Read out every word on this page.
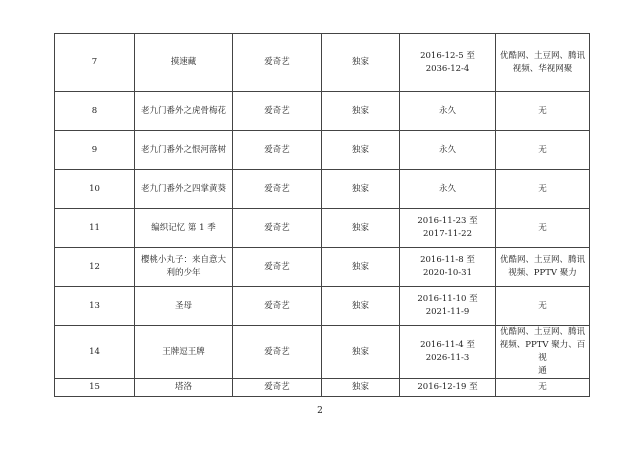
7	摸速藏	爱奇艺	独家	2016-12-5 至
2036-12-4	优酷网、土豆网、腾讯
视频、华视网聚
8	老九门番外之虎骨梅花	爱奇艺	独家	永久	无
9	老九门番外之恨河落树	爱奇艺	独家	永久	无
10	老九门番外之四掌黄葵	爱奇艺	独家	永久	无
11	编织记忆 第 1 季	爱奇艺	独家	2016-11-23 至
2017-11-22	无
12	樱桃小丸子：来自意大
利的少年	爱奇艺	独家	2016-11-8 至
2020-10-31	优酷网、土豆网、腾讯
视频、PPTV 聚力
13	圣母	爱奇艺	独家	2016-11-10 至
2021-11-9	无
14	王牌逗王牌	爱奇艺	独家	2016-11-4 至
2026-11-3	优酷网、土豆网、腾讯
视频、PPTV 聚力、百视
通
15	塔洛	爱奇艺	独家	2016-12-19 至	无
2
